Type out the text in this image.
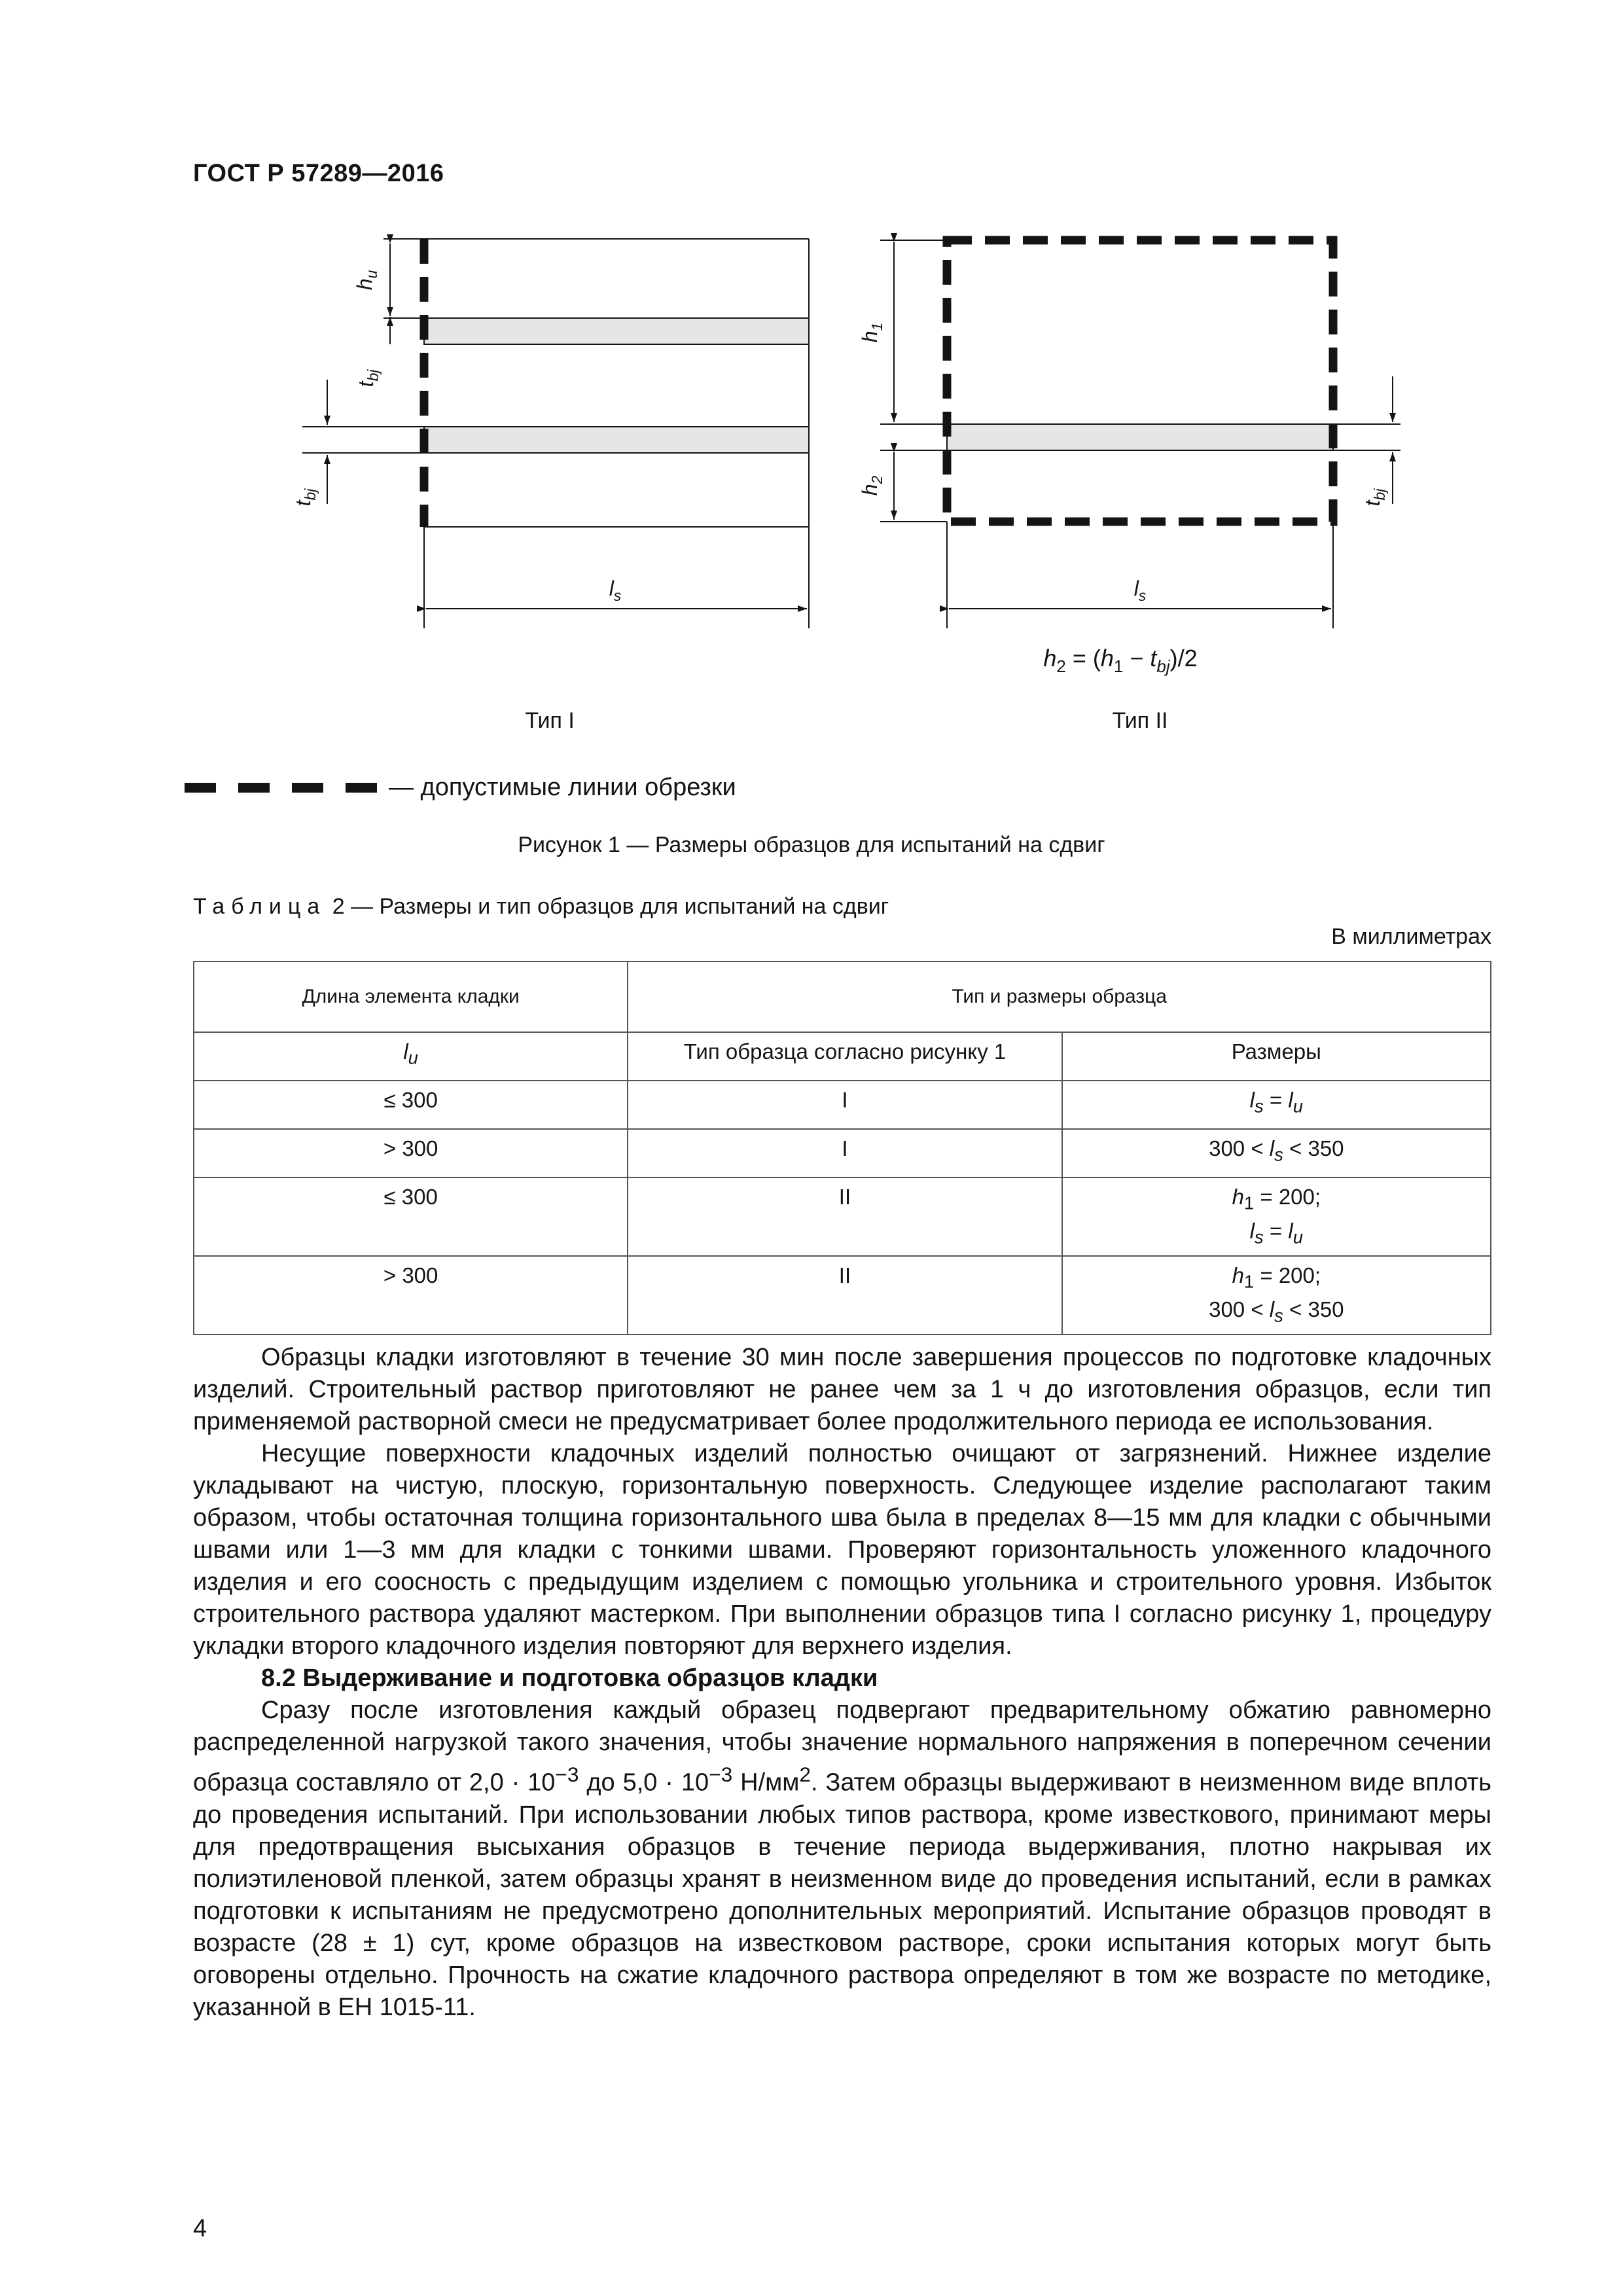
ГОСТ Р 57289—2016
$h_u$
$t_{bj}$
$t_{bj}$
$l_s$
$h_1$
$h_2$
$t_{bj}$
$l_s$
$h_2 = (h_1 - t_{bj})/2$
Тип I	Тип II
— допустимые линии обрезки
Рисунок 1 — Размеры образцов для испытаний на сдвиг
Таблица 2 — Размеры и тип образцов для испытаний на сдвиг
В миллиметрах
Длина элемента кладки	Тип и размеры образца	
$l_u$	Тип образца согласно рисунку 1	Размеры
≤ 300	I	$l_s = l_u$
> 300	I	$300 < l_s < 350$
≤ 300	II	$h_1 = 200$;
$l_s = l_u$
> 300	II	$h_1 = 200$;
$300 < l_s < 350$

Образцы кладки изготовляют в течение 30 мин после завершения процессов по подготовке кладочных изделий. Строительный раствор приготовляют не ранее чем за 1 ч до изготовления образцов, если тип применяемой растворной смеси не предусматривает более продолжительного периода ее использования.

Несущие поверхности кладочных изделий полностью очищают от загрязнений. Нижнее изделие укладывают на чистую, плоскую, горизонтальную поверхность. Следующее изделие располагают таким образом, чтобы остаточная толщина горизонтального шва была в пределах 8—15 мм для кладки с обычными швами или 1—3 мм для кладки с тонкими швами. Проверяют горизонтальность уложенного кладочного изделия и его соосность с предыдущим изделием с помощью угольника и строительного уровня. Избыток строительного раствора удаляют мастерком. При выполнении образцов типа I согласно рисунку 1, процедуру укладки второго кладочного изделия повторяют для верхнего изделия.

8.2 Выдерживание и подготовка образцов кладки

Сразу после изготовления каждый образец подвергают предварительному обжатию равномерно распределенной нагрузкой такого значения, чтобы значение нормального напряжения в поперечном сечении образца составляло от $2,0 \cdot 10^{-3}$ до $5,0 \cdot 10^{-3}$ $Н/мм^2$. Затем образцы выдерживают в неизменном виде вплоть до проведения испытаний. При использовании любых типов раствора, кроме известкового, принимают меры для предотвращения высыхания образцов в течение периода выдерживания, плотно накрывая их полиэтиленовой пленкой, затем образцы хранят в неизменном виде до проведения испытаний, если в рамках подготовки к испытаниям не предусмотрено дополнительных мероприятий. Испытание образцов проводят в возрасте (28 ± 1) сут, кроме образцов на известковом растворе, сроки испытания которых могут быть оговорены отдельно. Прочность на сжатие кладочного раствора определяют в том же возрасте по методике, указанной в ЕН 1015-11.

4
